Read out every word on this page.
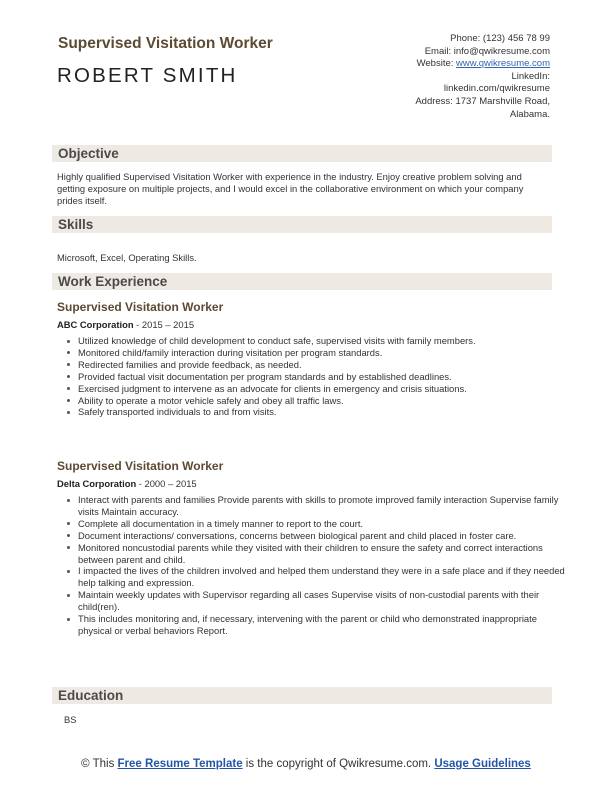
Supervised Visitation Worker
ROBERT SMITH
Phone: (123) 456 78 99
Email: info@qwikresume.com
Website: www.qwikresume.com
LinkedIn:
linkedin.com/qwikresume
Address: 1737 Marshville Road,
Alabama.
Objective
Highly qualified Supervised Visitation Worker with experience in the industry. Enjoy creative problem solving and getting exposure on multiple projects, and I would excel in the collaborative environment on which your company prides itself.
Skills
Microsoft, Excel, Operating Skills.
Work Experience
Supervised Visitation Worker
ABC Corporation - 2015 – 2015
Utilized knowledge of child development to conduct safe, supervised visits with family members.
Monitored child/family interaction during visitation per program standards.
Redirected families and provide feedback, as needed.
Provided factual visit documentation per program standards and by established deadlines.
Exercised judgment to intervene as an advocate for clients in emergency and crisis situations.
Ability to operate a motor vehicle safely and obey all traffic laws.
Safely transported individuals to and from visits.
Supervised Visitation Worker
Delta Corporation - 2000 – 2015
Interact with parents and families Provide parents with skills to promote improved family interaction Supervise family visits Maintain accuracy.
Complete all documentation in a timely manner to report to the court.
Document interactions/ conversations, concerns between biological parent and child placed in foster care.
Monitored noncustodial parents while they visited with their children to ensure the safety and correct interactions between parent and child.
I impacted the lives of the children involved and helped them understand they were in a safe place and if they needed help talking and expression.
Maintain weekly updates with Supervisor regarding all cases Supervise visits of non-custodial parents with their child(ren).
This includes monitoring and, if necessary, intervening with the parent or child who demonstrated inappropriate physical or verbal behaviors Report.
Education
BS
© This Free Resume Template is the copyright of Qwikresume.com. Usage Guidelines
